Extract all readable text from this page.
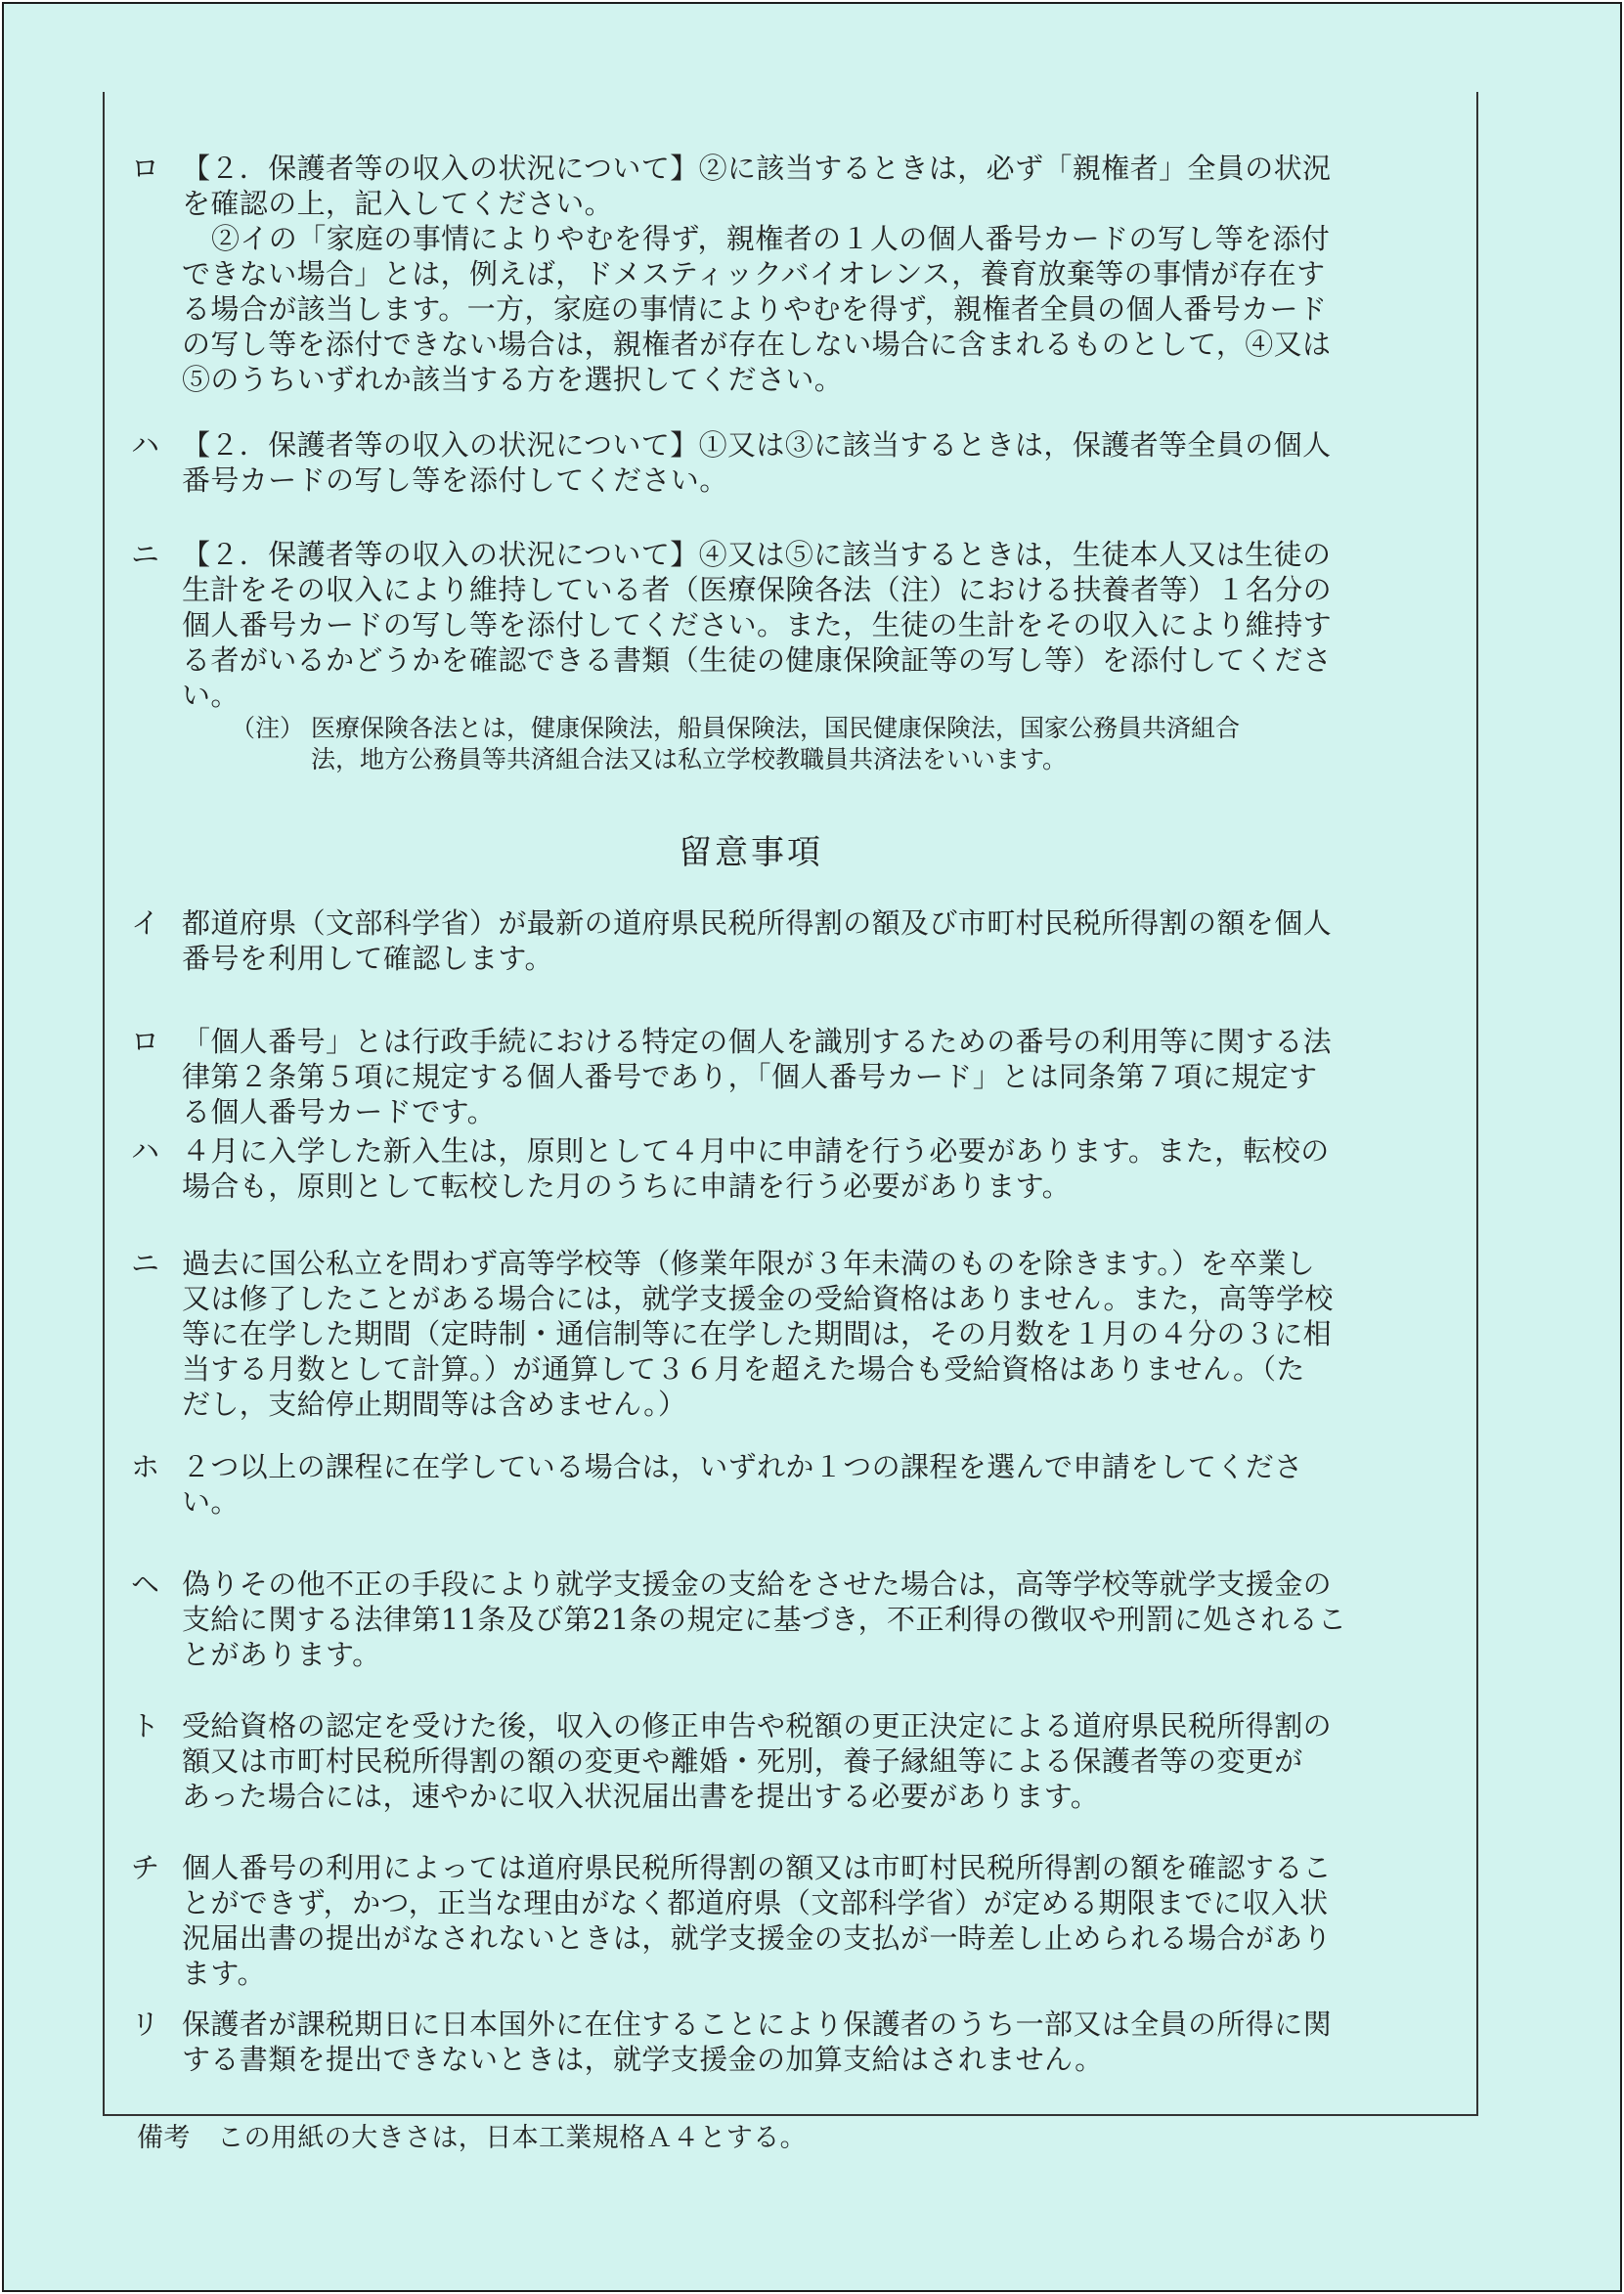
ロ 【２．保護者等の収入の状況について】②に該当するときは，必ず「親権者」全員の状況
を確認の上，記入してください。
②イの「家庭の事情によりやむを得ず，親権者の１人の個人番号カードの写し等を添付
できない場合」とは，例えば，ドメスティックバイオレンス，養育放棄等の事情が存在す
る場合が該当します。一方，家庭の事情によりやむを得ず，親権者全員の個人番号カード
の写し等を添付できない場合は，親権者が存在しない場合に含まれるものとして，④又は
⑤のうちいずれか該当する方を選択してください。
ハ 【２．保護者等の収入の状況について】①又は③に該当するときは，保護者等全員の個人
番号カードの写し等を添付してください。
ニ 【２．保護者等の収入の状況について】④又は⑤に該当するときは，生徒本人又は生徒の
生計をその収入により維持している者（医療保険各法（注）における扶養者等）１名分の
個人番号カードの写し等を添付してください。また，生徒の生計をその収入により維持す
る者がいるかどうかを確認できる書類（生徒の健康保険証等の写し等）を添付してくださ
い。
（注） 医療保険各法とは，健康保険法，船員保険法，国民健康保険法，国家公務員共済組合
法，地方公務員等共済組合法又は私立学校教職員共済法をいいます。
留意事項
イ 都道府県（文部科学省）が最新の道府県民税所得割の額及び市町村民税所得割の額を個人
番号を利用して確認します。
ロ 「個人番号」とは行政手続における特定の個人を識別するための番号の利用等に関する法
律第２条第５項に規定する個人番号であり，「個人番号カード」とは同条第７項に規定す
る個人番号カードです。
ハ ４月に入学した新入生は，原則として４月中に申請を行う必要があります。また，転校の
場合も，原則として転校した月のうちに申請を行う必要があります。
ニ 過去に国公私立を問わず高等学校等（修業年限が３年未満のものを除きます。）を卒業し
又は修了したことがある場合には，就学支援金の受給資格はありません。また，高等学校
等に在学した期間（定時制・通信制等に在学した期間は，その月数を１月の４分の３に相
当する月数として計算。）が通算して３６月を超えた場合も受給資格はありません。（た
だし，支給停止期間等は含めません。）
ホ ２つ以上の課程に在学している場合は，いずれか１つの課程を選んで申請をしてくださ
い。
ヘ 偽りその他不正の手段により就学支援金の支給をさせた場合は，高等学校等就学支援金の
支給に関する法律第11条及び第21条の規定に基づき，不正利得の徴収や刑罰に処されるこ
とがあります。
ト 受給資格の認定を受けた後，収入の修正申告や税額の更正決定による道府県民税所得割の
額又は市町村民税所得割の額の変更や離婚・死別，養子縁組等による保護者等の変更が
あった場合には，速やかに収入状況届出書を提出する必要があります。
チ 個人番号の利用によっては道府県民税所得割の額又は市町村民税所得割の額を確認するこ
とができず，かつ，正当な理由がなく都道府県（文部科学省）が定める期限までに収入状
況届出書の提出がなされないときは，就学支援金の支払が一時差し止められる場合があり
ます。
リ 保護者が課税期日に日本国外に在住することにより保護者のうち一部又は全員の所得に関
する書類を提出できないときは，就学支援金の加算支給はされません。
備考　この用紙の大きさは，日本工業規格Ａ４とする。
